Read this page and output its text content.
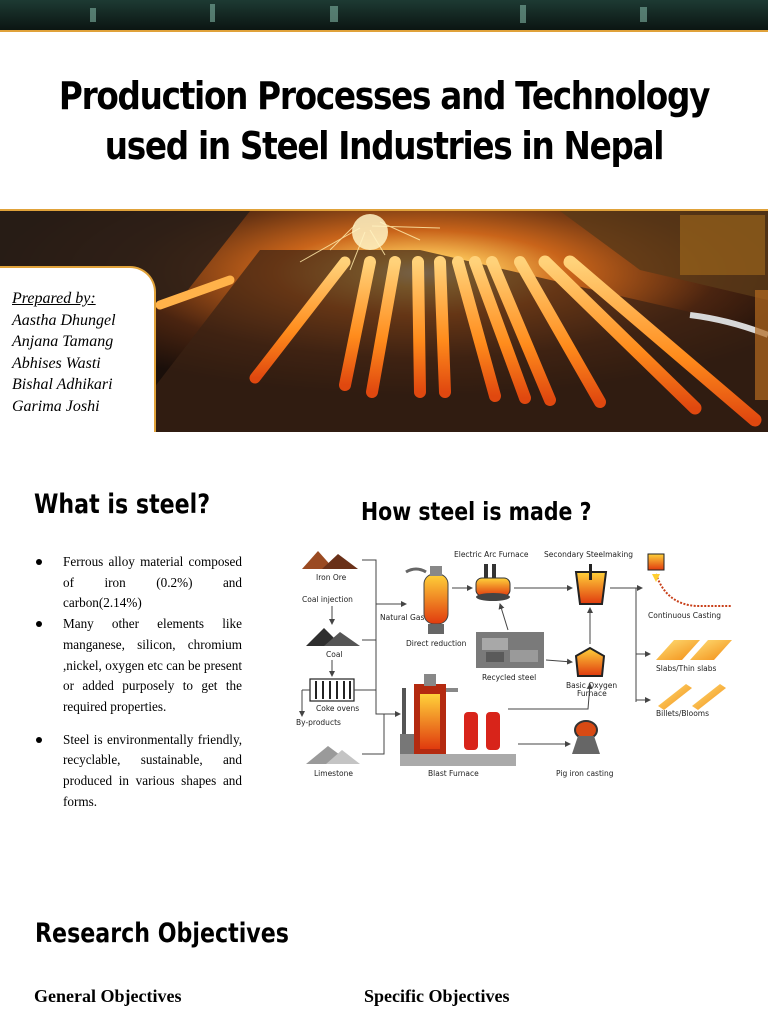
Production Processes and Technology used in Steel Industries in Nepal
Prepared by:
Aastha Dhungel
Anjana Tamang
Abhises Wasti
Bishal Adhikari
Garima Joshi
What is steel?
Ferrous alloy material composed of iron (0.2%) and carbon(2.14%)
Many other elements like manganese, silicon, chromium ,nickel, oxygen etc can be present or added purposely to get the required properties.
Steel is environmentally friendly, recyclable, sustainable, and produced in various shapes and forms.
How steel is made ?
Iron Ore
Coal injection
Coal
Coke ovens
By-products
Limestone
Natural Gas
Direct reduction
Electric Arc Furnace
Recycled steel
Secondary Steelmaking
Basic Oxygen
Furnace
Blast Furnace	Pig iron casting
Continuous Casting
Slabs/Thin slabs
Billets/Blooms
Research Objectives
General Objectives	Specific Objectives
